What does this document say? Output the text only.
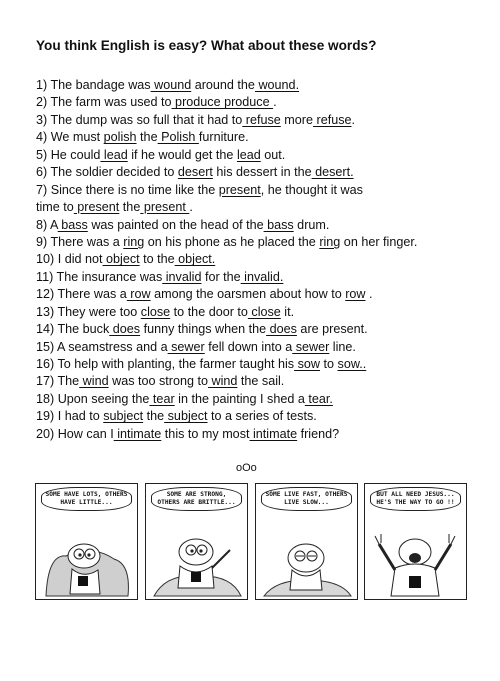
You think English is easy? What about these words?
1) The bandage was wound around the wound.
2) The farm was used to produce produce .
3) The dump was so full that it had to refuse more refuse.
4) We must polish the Polish furniture.
5) He could lead if he would get the lead out.
6) The soldier decided to desert his dessert in the desert.
7) Since there is no time like the present, he thought it was
time to present the present .
8) A bass was painted on the head of the bass drum.
9) There was a ring on his phone as he placed the ring on her finger.
10) I did not object to the object.
11) The insurance was invalid for the invalid.
12) There was a row among the oarsmen about how to row .
13) They were too close to the door to close it.
14) The buck does funny things when the does are present.
15) A seamstress and a sewer fell down into a sewer line.
16) To help with planting, the farmer taught his sow to sow..
17) The wind was too strong to wind the sail.
18) Upon seeing the tear in the painting I shed a tear.
19) I had to subject the subject to a series of tests.
20) How can I intimate this to my most intimate friend?
oOo
SOME HAVE LOTS, OTHERS HAVE LITTLE...
SOME ARE STRONG, OTHERS ARE BRITTLE...
SOME LIVE FAST, OTHERS LIVE SLOW...
BUT ALL NEED JESUS... HE'S THE WAY TO GO !!
